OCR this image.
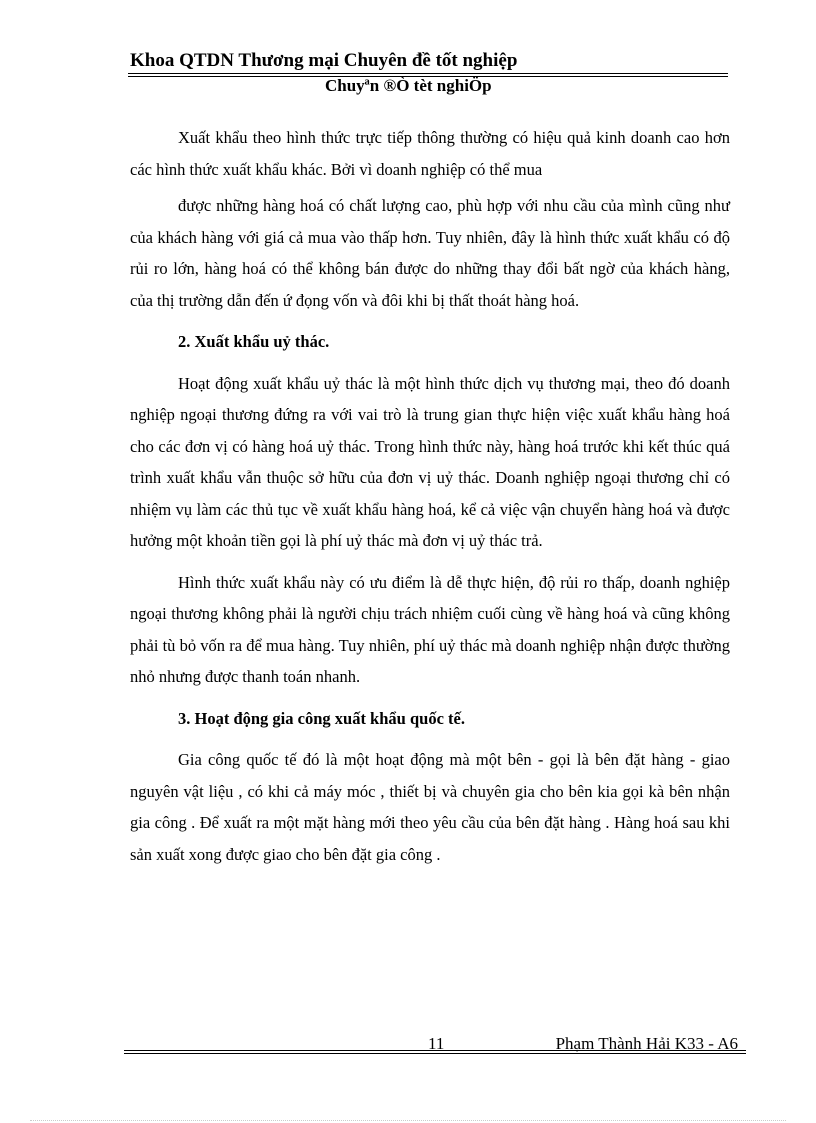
Khoa QTDN Thương mại Chuyên đề tốt nghiệp
Chuyªn ®Ò tèt nghiÖp

Xuất khẩu theo hình thức trực tiếp thông thường có hiệu quả kinh doanh cao hơn các hình thức xuất khẩu khác. Bởi vì doanh nghiệp có thể mua

được những hàng hoá có chất lượng cao, phù hợp với nhu cầu của mình cũng như của khách hàng với giá cả mua vào thấp hơn. Tuy nhiên, đây là hình thức xuất khẩu có độ rủi ro lớn, hàng hoá có thể không bán được do những thay đổi bất ngờ của khách hàng, của thị trường dẫn đến ứ đọng vốn và đôi khi bị thất thoát hàng hoá.

2. Xuất khẩu uỷ thác.

Hoạt động xuất khẩu uỷ thác là một hình thức dịch vụ thương mại, theo đó doanh nghiệp ngoại thương đứng ra với vai trò là trung gian thực hiện việc xuất khẩu hàng hoá cho các đơn vị có hàng hoá uỷ thác. Trong hình thức này, hàng hoá trước khi kết thúc quá trình xuất khẩu vẫn thuộc sở hữu của đơn vị uỷ thác. Doanh nghiệp ngoại thương chỉ có nhiệm vụ làm các thủ tục về xuất khẩu hàng hoá, kể cả việc vận chuyển hàng hoá và được hưởng một khoản tiền gọi là phí uỷ thác mà đơn vị uỷ thác trả.

Hình thức xuất khẩu này có ưu điểm là dễ thực hiện, độ rủi ro thấp, doanh nghiệp ngoại thương không phải là người chịu trách nhiệm cuối cùng về hàng hoá và cũng không phải tù bỏ vốn ra để mua hàng. Tuy nhiên, phí uỷ thác mà doanh nghiệp nhận được thường nhỏ nhưng được thanh toán nhanh.

3. Hoạt động gia công xuất khẩu quốc tế.

Gia công quốc tế đó là một hoạt động mà một bên - gọi là bên đặt hàng - giao nguyên vật liệu , có khi cả máy móc , thiết bị và chuyên gia cho bên kia gọi kà bên nhận gia công . Để xuất ra một mặt hàng mới theo yêu cầu của bên đặt hàng . Hàng hoá sau khi sản xuất xong được giao cho bên đặt gia công .

11	Phạm Thành Hải K33 - A6
